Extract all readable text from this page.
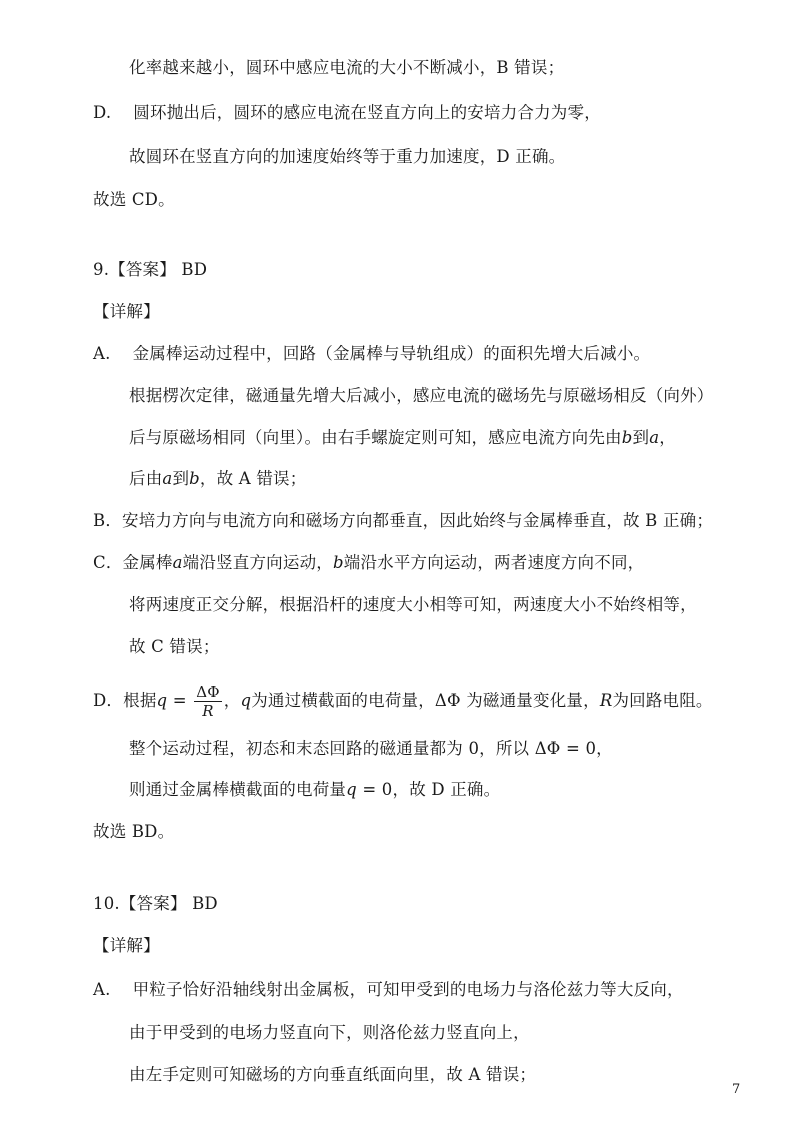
化率越来越小，圆环中感应电流的大小不断减小，B 错误；
D. 圆环抛出后，圆环的感应电流在竖直方向上的安培力合力为零，
故圆环在竖直方向的加速度始终等于重力加速度，D 正确。
故选 CD。
9.【答案】 BD
【详解】
A. 金属棒运动过程中，回路（金属棒与导轨组成）的面积先增大后减小。
根据楞次定律，磁通量先增大后减小，感应电流的磁场先与原磁场相反（向外）
后与原磁场相同（向里）。由右手螺旋定则可知，感应电流方向先由b到a，
后由a到b，故 A 错误；
B．安培力方向与电流方向和磁场方向都垂直，因此始终与金属棒垂直，故 B 正确；
C．金属棒a端沿竖直方向运动，b端沿水平方向运动，两者速度方向不同，
将两速度正交分解，根据沿杆的速度大小相等可知，两速度大小不始终相等，
故 C 错误；
D．根据$q = \frac{\Delta\Phi}{R}$ ，q为通过横截面的电荷量，ΔΦ 为磁通量变化量，R为回路电阻。
整个运动过程，初态和末态回路的磁通量都为 0，所以 ΔΦ = 0，
则通过金属棒横截面的电荷量q = 0，故 D 正确。
故选 BD。
10.【答案】 BD
【详解】
A. 甲粒子恰好沿轴线射出金属板，可知甲受到的电场力与洛伦兹力等大反向，
由于甲受到的电场力竖直向下，则洛伦兹力竖直向上，
由左手定则可知磁场的方向垂直纸面向里，故 A 错误；
7
